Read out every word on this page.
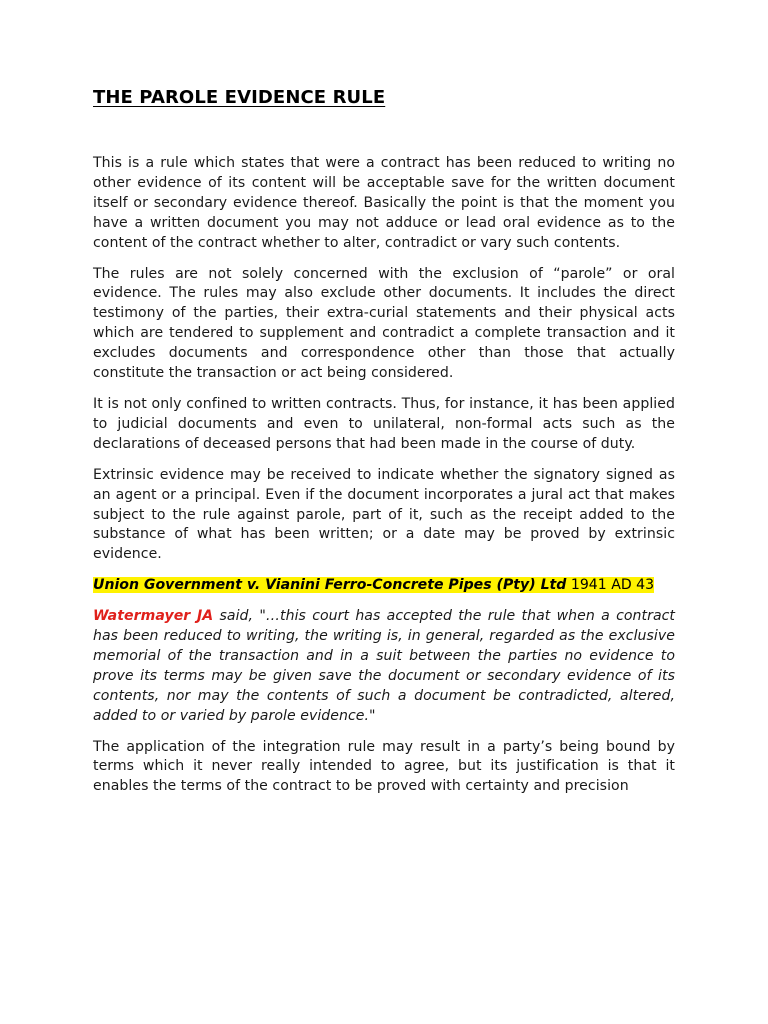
THE PAROLE EVIDENCE RULE

This is a rule which states that were a contract has been reduced to writing no other evidence of its content will be acceptable save for the written document itself or secondary evidence thereof. Basically the point is that the moment you have a written document you may not adduce or lead oral evidence as to the content of the contract whether to alter, contradict or vary such contents.

The rules are not solely concerned with the exclusion of “parole” or oral evidence. The rules may also exclude other documents. It includes the direct testimony of the parties, their extra-curial statements and their physical acts which are tendered to supplement and contradict a complete transaction and it excludes documents and correspondence other than those that actually constitute the transaction or act being considered.

It is not only confined to written contracts. Thus, for instance, it has been applied to judicial documents and even to unilateral, non-formal acts such as the declarations of deceased persons that had been made in the course of duty.

Extrinsic evidence may be received to indicate whether the signatory signed as an agent or a principal. Even if the document incorporates a jural act that makes subject to the rule against parole, part of it, such as the receipt added to the substance of what has been written; or a date may be proved by extrinsic evidence.

Union Government v. Vianini Ferro-Concrete Pipes (Pty) Ltd 1941 AD 43

Watermayer JA said, "…this court has accepted the rule that when a contract has been reduced to writing, the writing is, in general, regarded as the exclusive memorial of the transaction and in a suit between the parties no evidence to prove its terms may be given save the document or secondary evidence of its contents, nor may the contents of such a document be contradicted, altered, added to or varied by parole evidence."

The application of the integration rule may result in a party’s being bound by terms which it never really intended to agree, but its justification is that it enables the terms of the contract to be proved with certainty and precision
